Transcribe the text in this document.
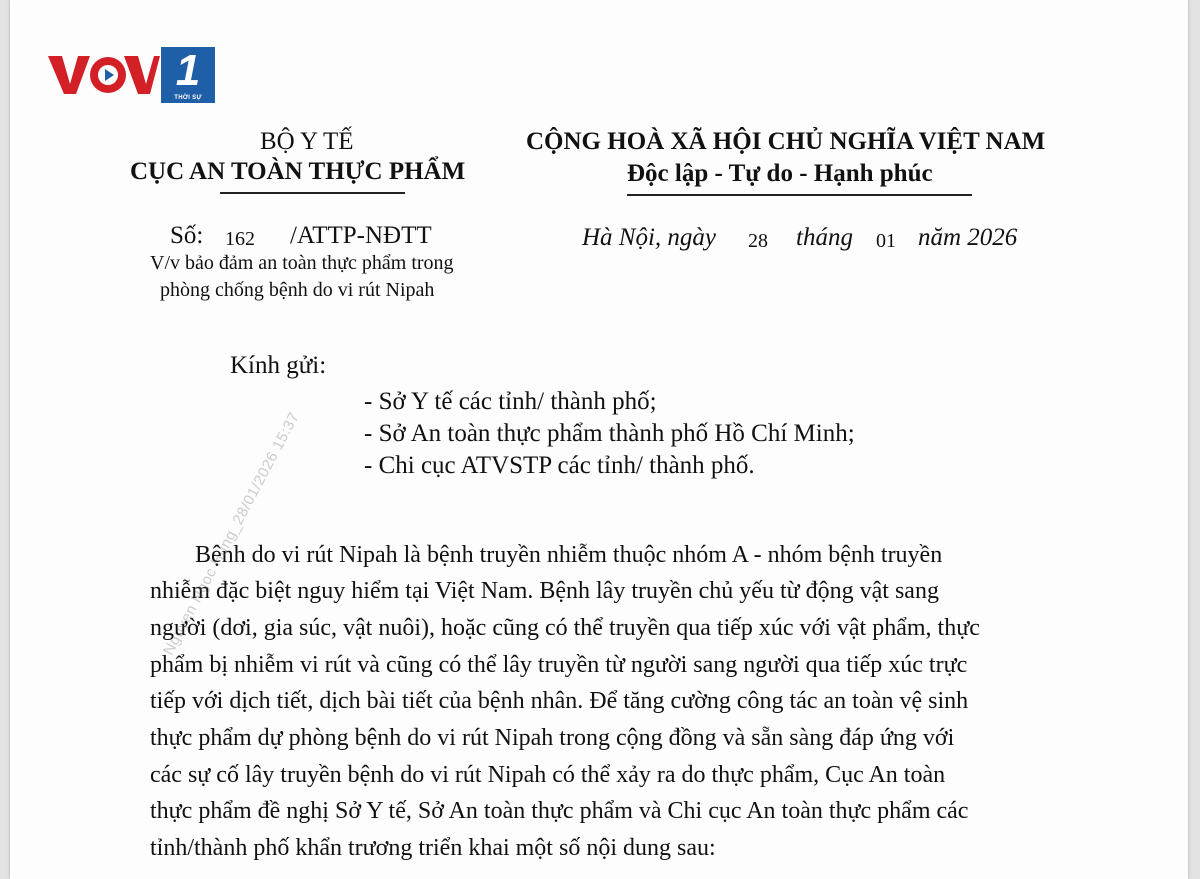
1
THỜI SỰ
BỘ Y TẾ
CỤC AN TOÀN THỰC PHẨM
CỘNG HOÀ XÃ HỘI CHỦ NGHĨA VIỆT NAM
Độc lập - Tự do - Hạnh phúc
Số: 162 /ATTP-NĐTT
V/v bảo đảm an toàn thực phẩm trong
phòng chống bệnh do vi rút Nipah
Hà Nội, ngày 28 tháng 01 năm 2026
Kính gửi:
- Sở Y tế các tỉnh/ thành phố;
- Sở An toàn thực phẩm thành phố Hồ Chí Minh;
- Chi cục ATVSTP các tỉnh/ thành phố.
Bệnh do vi rút Nipah là bệnh truyền nhiễm thuộc nhóm A - nhóm bệnh truyền
nhiễm đặc biệt nguy hiểm tại Việt Nam. Bệnh lây truyền chủ yếu từ động vật sang
người (dơi, gia súc, vật nuôi), hoặc cũng có thể truyền qua tiếp xúc với vật phẩm, thực
phẩm bị nhiễm vi rút và cũng có thể lây truyền từ người sang người qua tiếp xúc trực
tiếp với dịch tiết, dịch bài tiết của bệnh nhân. Để tăng cường công tác an toàn vệ sinh
thực phẩm dự phòng bệnh do vi rút Nipah trong cộng đồng và sẵn sàng đáp ứng với
các sự cố lây truyền bệnh do vi rút Nipah có thể xảy ra do thực phẩm, Cục An toàn
thực phẩm đề nghị Sở Y tế, Sở An toàn thực phẩm và Chi cục An toàn thực phẩm các
tỉnh/thành phố khẩn trương triển khai một số nội dung sau:
Nguyen Ngoc Hung_28/01/2026 15:37
